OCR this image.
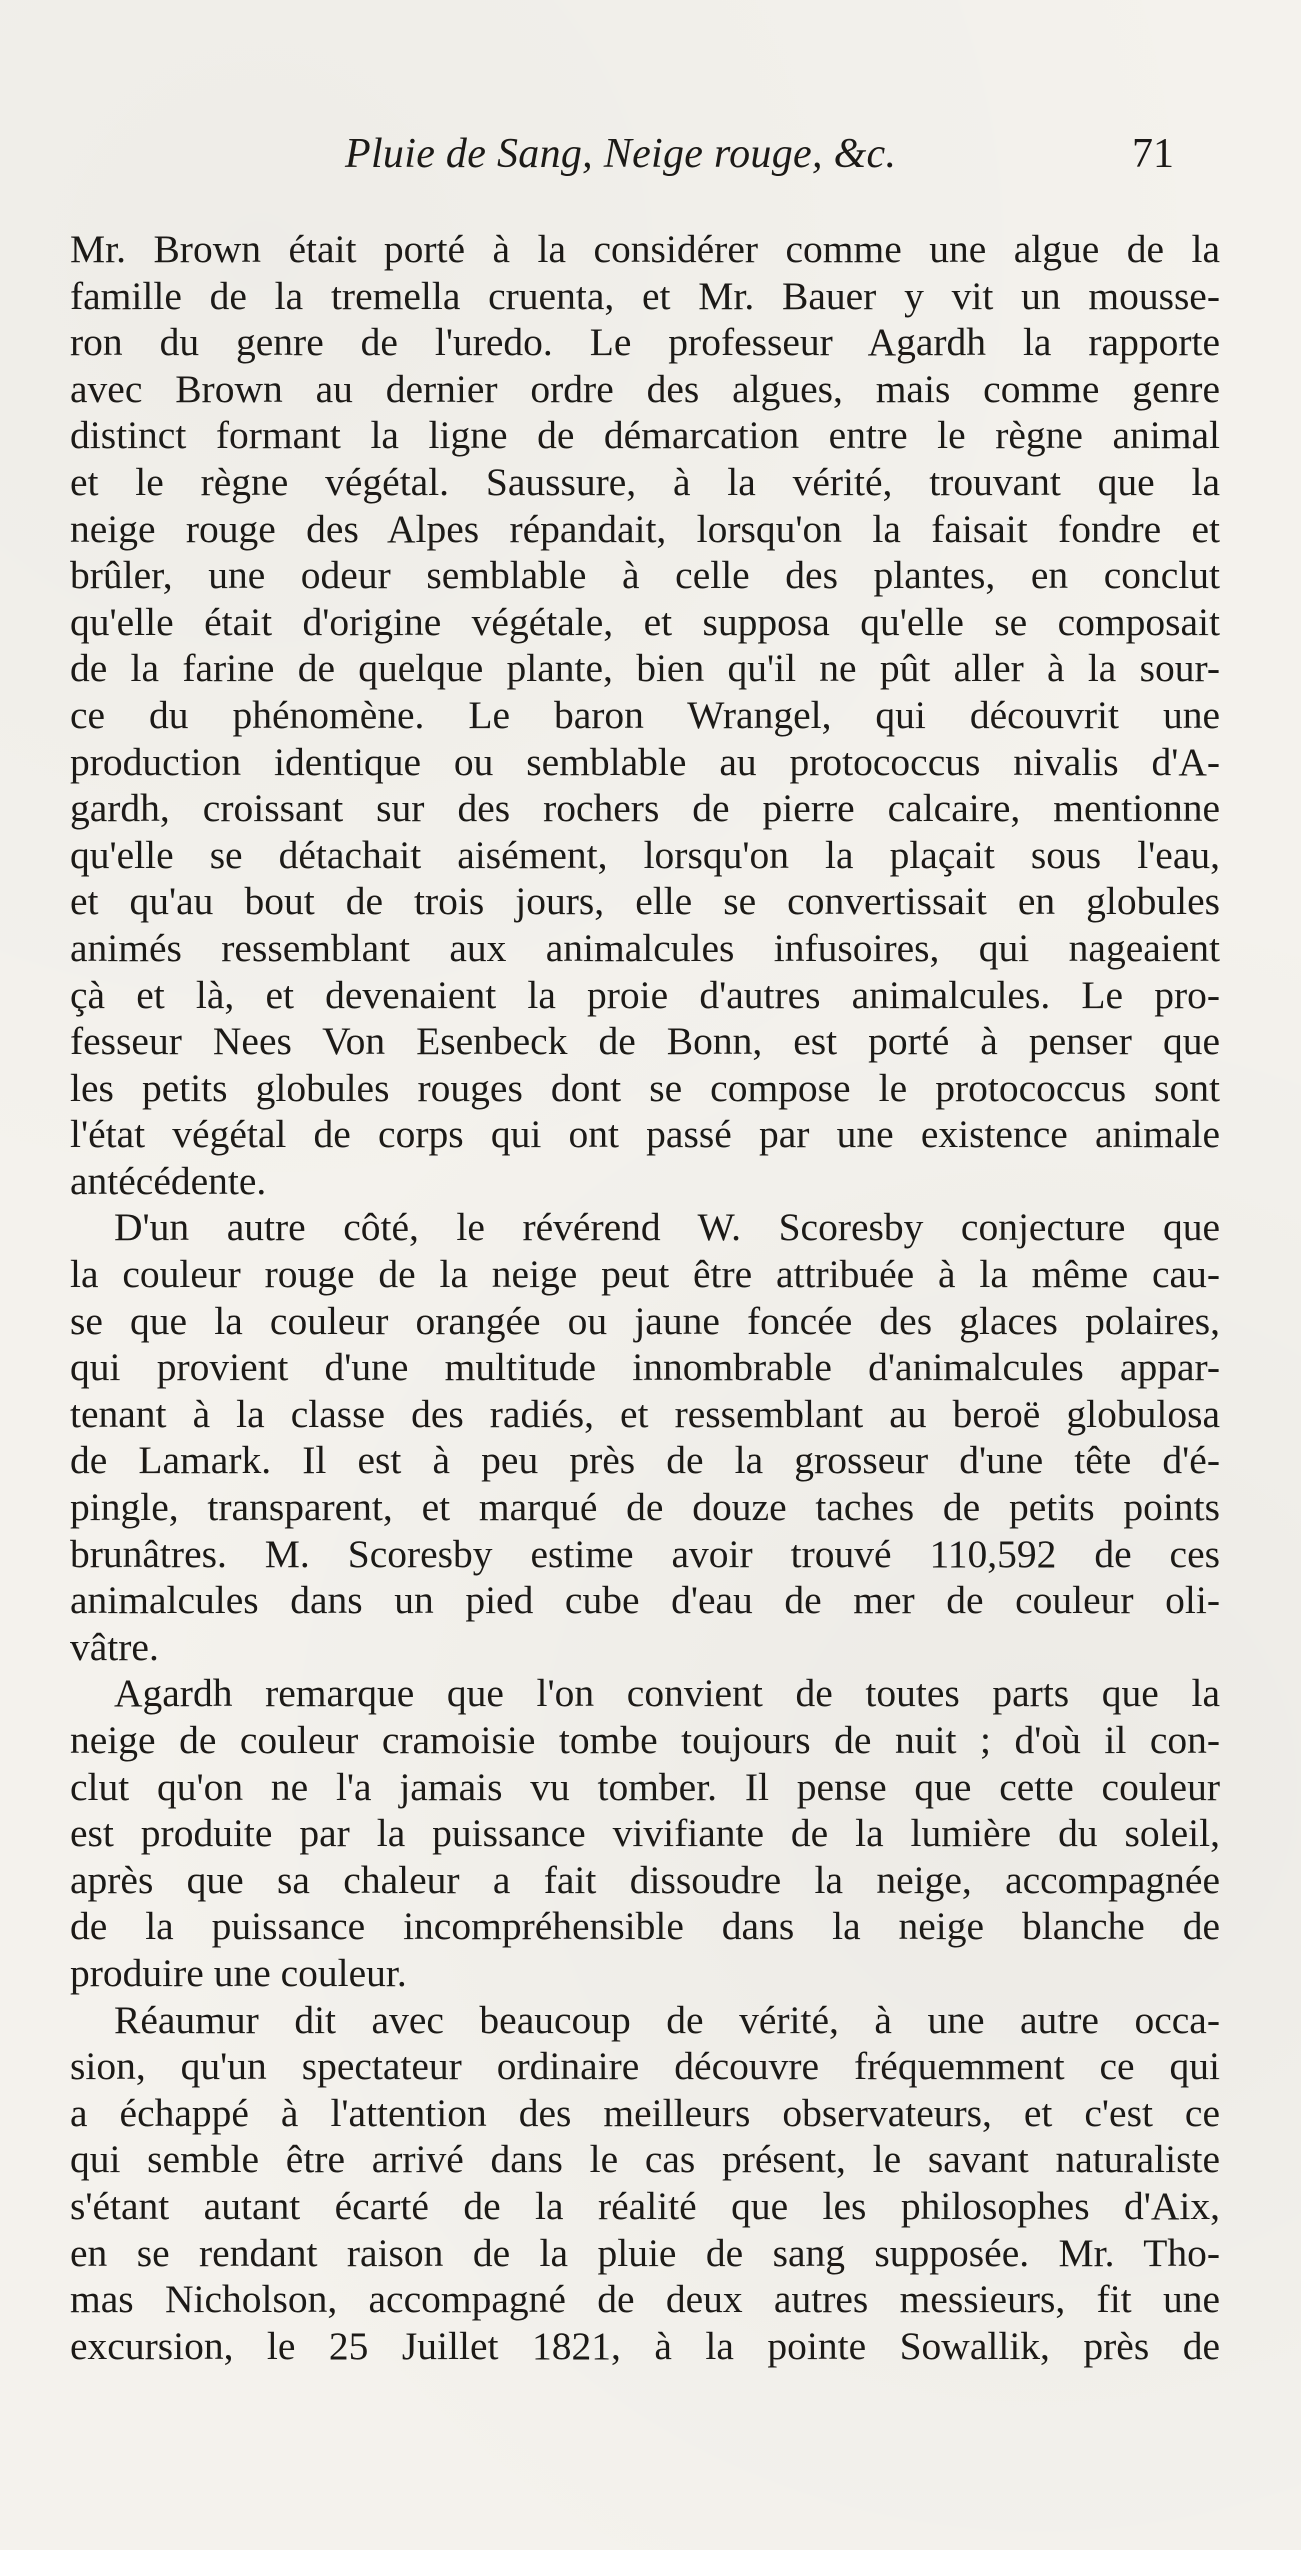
Pluie de Sang, Neige rouge, &c.	71
Mr. Brown était porté à la considérer comme une algue de la
famille de la tremella cruenta, et Mr. Bauer y vit un mousse-
ron du genre de l'uredo. Le professeur Agardh la rapporte
avec Brown au dernier ordre des algues, mais comme genre
distinct formant la ligne de démarcation entre le règne animal
et le règne végétal. Saussure, à la vérité, trouvant que la
neige rouge des Alpes répandait, lorsqu'on la faisait fondre et
brûler, une odeur semblable à celle des plantes, en conclut
qu'elle était d'origine végétale, et supposa qu'elle se composait
de la farine de quelque plante, bien qu'il ne pût aller à la sour-
ce du phénomène. Le baron Wrangel, qui découvrit une
production identique ou semblable au protococcus nivalis d'A-
gardh, croissant sur des rochers de pierre calcaire, mentionne
qu'elle se détachait aisément, lorsqu'on la plaçait sous l'eau,
et qu'au bout de trois jours, elle se convertissait en globules
animés ressemblant aux animalcules infusoires, qui nageaient
çà et là, et devenaient la proie d'autres animalcules. Le pro-
fesseur Nees Von Esenbeck de Bonn, est porté à penser que
les petits globules rouges dont se compose le protococcus sont
l'état végétal de corps qui ont passé par une existence animale
antécédente.
D'un autre côté, le révérend W. Scoresby conjecture que
la couleur rouge de la neige peut être attribuée à la même cau-
se que la couleur orangée ou jaune foncée des glaces polaires,
qui provient d'une multitude innombrable d'animalcules appar-
tenant à la classe des radiés, et ressemblant au beroë globulosa
de Lamark. Il est à peu près de la grosseur d'une tête d'é-
pingle, transparent, et marqué de douze taches de petits points
brunâtres. M. Scoresby estime avoir trouvé 110,592 de ces
animalcules dans un pied cube d'eau de mer de couleur oli-
vâtre.
Agardh remarque que l'on convient de toutes parts que la
neige de couleur cramoisie tombe toujours de nuit ; d'où il con-
clut qu'on ne l'a jamais vu tomber. Il pense que cette couleur
est produite par la puissance vivifiante de la lumière du soleil,
après que sa chaleur a fait dissoudre la neige, accompagnée
de la puissance incompréhensible dans la neige blanche de
produire une couleur.
Réaumur dit avec beaucoup de vérité, à une autre occa-
sion, qu'un spectateur ordinaire découvre fréquemment ce qui
a échappé à l'attention des meilleurs observateurs, et c'est ce
qui semble être arrivé dans le cas présent, le savant naturaliste
s'étant autant écarté de la réalité que les philosophes d'Aix,
en se rendant raison de la pluie de sang supposée. Mr. Tho-
mas Nicholson, accompagné de deux autres messieurs, fit une
excursion, le 25 Juillet 1821, à la pointe Sowallik, près de
